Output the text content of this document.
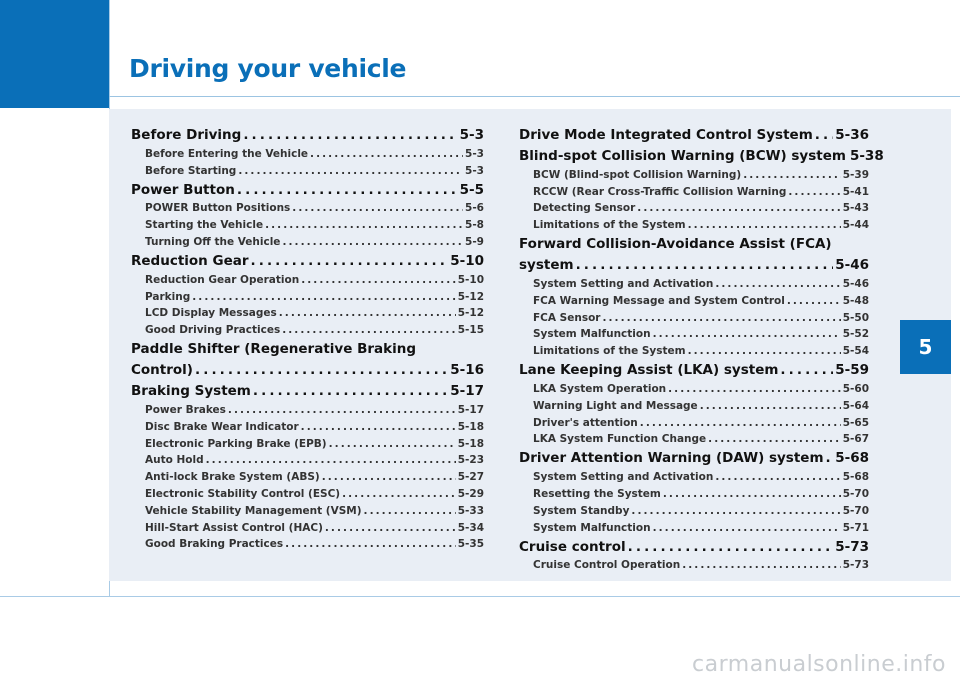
Driving your vehicle
5
Before Driving . . .	5-3
Before Entering the Vehicle . . .	5-3
Before Starting . . .	5-3
Power Button . . .	5-5
POWER Button Positions . . .	5-6
Starting the Vehicle . . .	5-8
Turning Off the Vehicle . . .	5-9
Reduction Gear . . .	5-10
Reduction Gear Operation . . .	5-10
Parking . . .	5-12
LCD Display Messages . . .	5-12
Good Driving Practices . . .	5-15
Paddle Shifter (Regenerative Braking
Control) . . .	5-16
Braking System . . .	5-17
Power Brakes . . .	5-17
Disc Brake Wear Indicator . . .	5-18
Electronic Parking Brake (EPB) . . .	5-18
Auto Hold . . .	5-23
Anti-lock Brake System (ABS) . . .	5-27
Electronic Stability Control (ESC) . . .	5-29
Vehicle Stability Management (VSM) . . .	5-33
Hill-Start Assist Control (HAC) . . .	5-34
Good Braking Practices . . .	5-35
Drive Mode Integrated Control System . . . 5-36
Blind-spot Collision Warning (BCW) system 5-38
BCW (Blind-spot Collision Warning) . . .	5-39
RCCW (Rear Cross-Traffic Collision Warning . . .	5-41
Detecting Sensor . . .	5-43
Limitations of the System . . .	5-44
Forward Collision-Avoidance Assist (FCA)
system . . .	5-46
System Setting and Activation . . .	5-46
FCA Warning Message and System Control . . .	5-48
FCA Sensor . . .	5-50
System Malfunction . . .	5-52
Limitations of the System . . .	5-54
Lane Keeping Assist (LKA) system . . .	5-59
LKA System Operation . . .	5-60
Warning Light and Message . . .	5-64
Driver's attention . . .	5-65
LKA System Function Change . . .	5-67
Driver Attention Warning (DAW) system . . . 5-68
System Setting and Activation . . .	5-68
Resetting the System . . .	5-70
System Standby . . .	5-70
System Malfunction . . .	5-71
Cruise control . . .	5-73
Cruise Control Operation . . .	5-73
carmanualsonline.info
